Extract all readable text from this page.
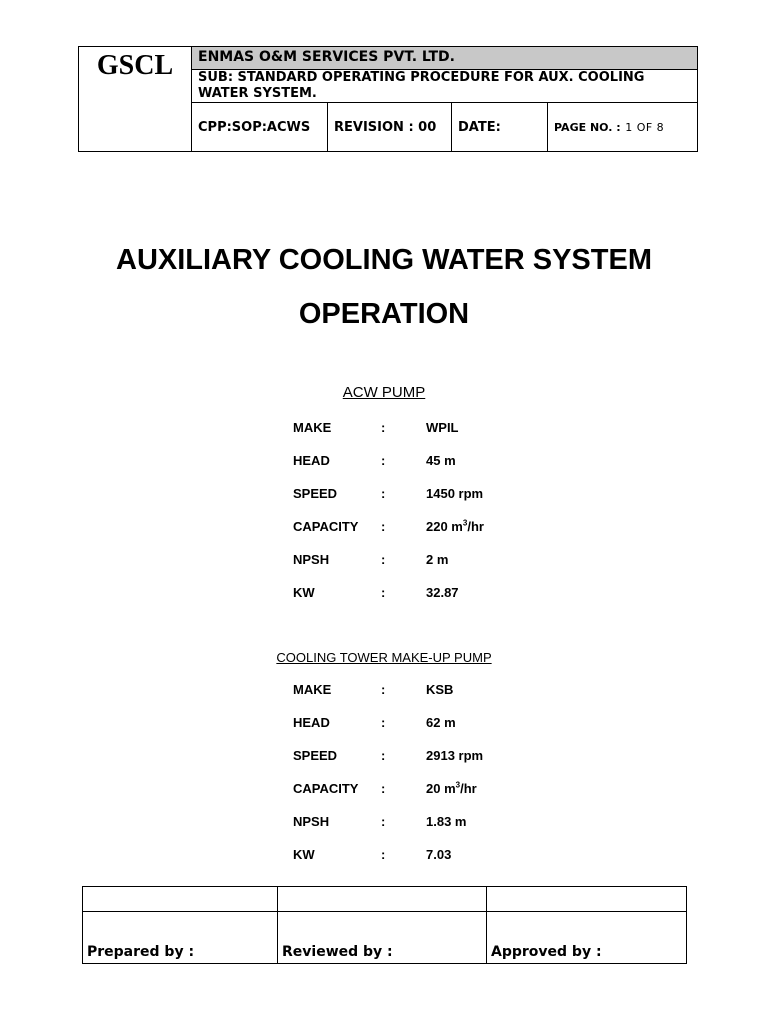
GSCL	ENMAS O&M SERVICES PVT. LTD.			
	SUB: STANDARD OPERATING PROCEDURE FOR AUX. COOLING WATER SYSTEM.			
	CPP:SOP:ACWS	REVISION : 00	DATE:	PAGE NO. : 1 OF 8
AUXILIARY COOLING WATER SYSTEM
OPERATION

ACW PUMP

MAKE	:	WPIL
HEAD	:	45 m
SPEED	:	1450 rpm
CAPACITY :	220 $m^3/hr$
NPSH	:	2 m
KW	:	32.87

COOLING TOWER MAKE-UP PUMP

MAKE	:	KSB
HEAD	:	62 m
SPEED	:	2913 rpm
CAPACITY :	20 $m^3/hr$
NPSH	:	1.83 m
KW	:	7.03

Prepared by :	Reviewed by :	Approved by :
